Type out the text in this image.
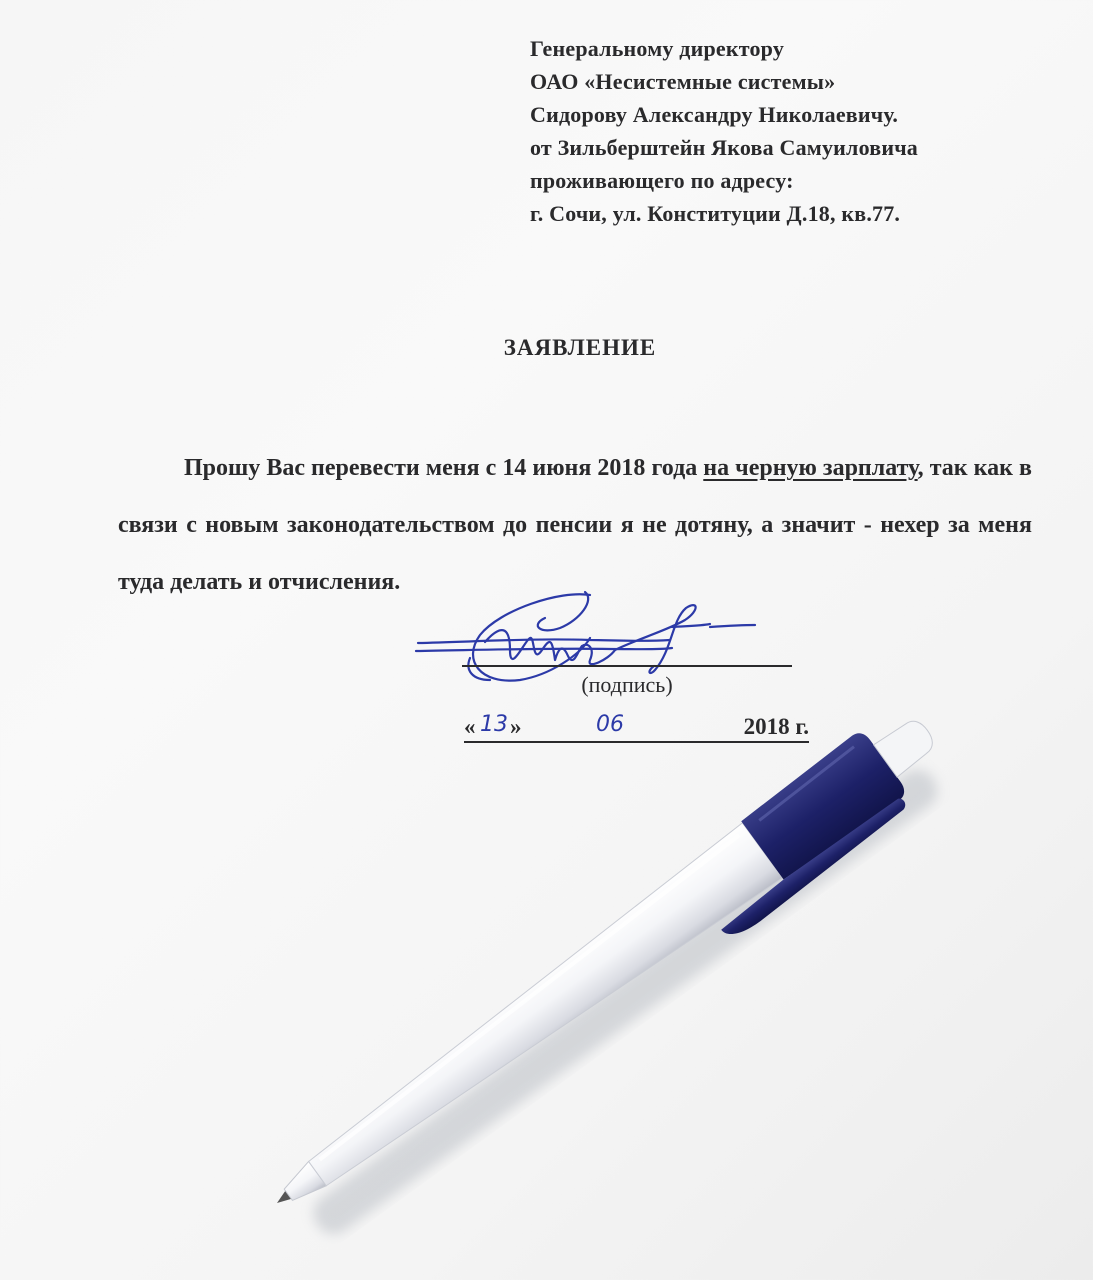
Генеральному директору
ОАО «Несистемные системы»
Сидорову Александру Николаевичу.
от Зильберштейн Якова Самуиловича
проживающего по адресу:
г. Сочи, ул. Конституции Д.18, кв.77.
ЗАЯВЛЕНИЕ
Прошу Вас перевести меня с 14 июня 2018 года на черную зарплату, так как в связи с новым законодательством до пенсии я не дотяну, а значит - нехер за меня туда делать и отчисления.
(подпись)
« 13 »	06	2018 г.
